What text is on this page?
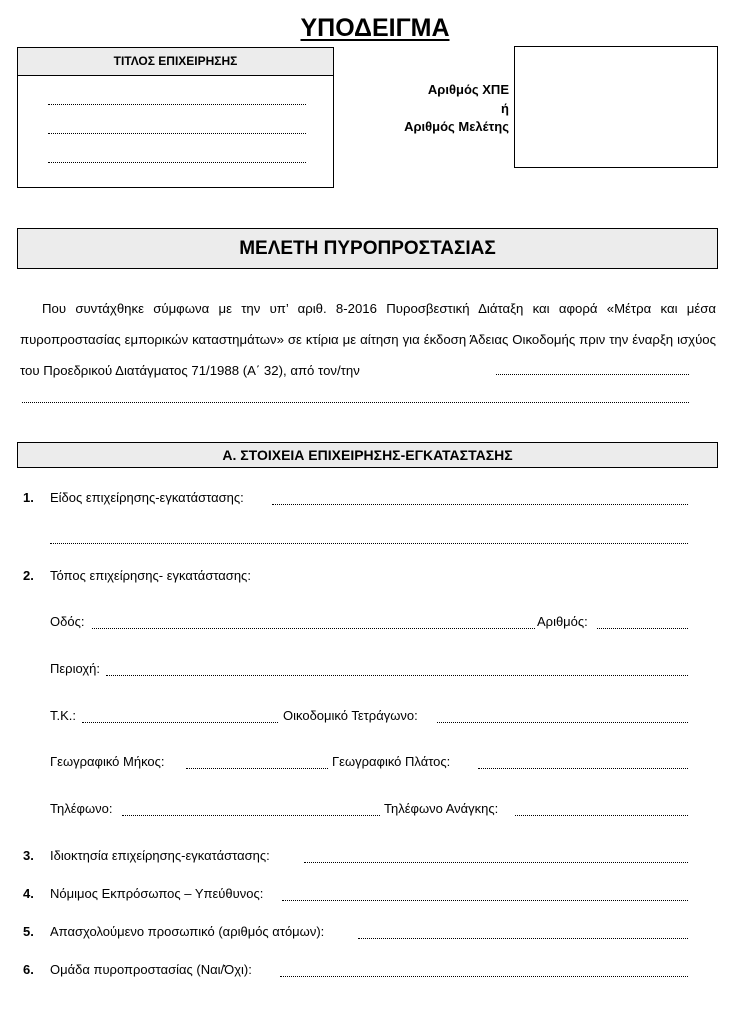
ΥΠΟΔΕΙΓΜΑ
ΤΙΤΛΟΣ ΕΠΙΧΕΙΡΗΣΗΣ
Αριθμός ΧΠΕ
ή
Αριθμός Μελέτης
ΜΕΛΕΤΗ ΠΥΡΟΠΡΟΣΤΑΣΙΑΣ
Που συντάχθηκε σύμφωνα με την υπ’ αριθ. 8-2016 Πυροσβεστική Διάταξη και αφορά «Μέτρα και μέσα πυροπροστασίας εμπορικών καταστημάτων» σε κτίρια με αίτηση για έκδοση Άδειας Οικοδομής πριν την έναρξη ισχύος του Προεδρικού Διατάγματος 71/1988 (Α΄ 32), από τον/την
Α. ΣΤΟΙΧΕΙΑ ΕΠΙΧΕΙΡΗΣΗΣ-ΕΓΚΑΤΑΣΤΑΣΗΣ
1. Είδος επιχείρησης-εγκατάστασης:
2. Τόπος επιχείρησης- εγκατάστασης:
Οδός:	Αριθμός:
Περιοχή:
Τ.Κ.:	Οικοδομικό Τετράγωνο:
Γεωγραφικό Μήκος:	Γεωγραφικό Πλάτος:
Τηλέφωνο:	Τηλέφωνο Ανάγκης:
3. Ιδιοκτησία επιχείρησης-εγκατάστασης:
4. Νόμιμος Εκπρόσωπος – Υπεύθυνος:
5. Απασχολούμενο προσωπικό (αριθμός ατόμων):
6. Ομάδα πυροπροστασίας (Ναι/Όχι):
